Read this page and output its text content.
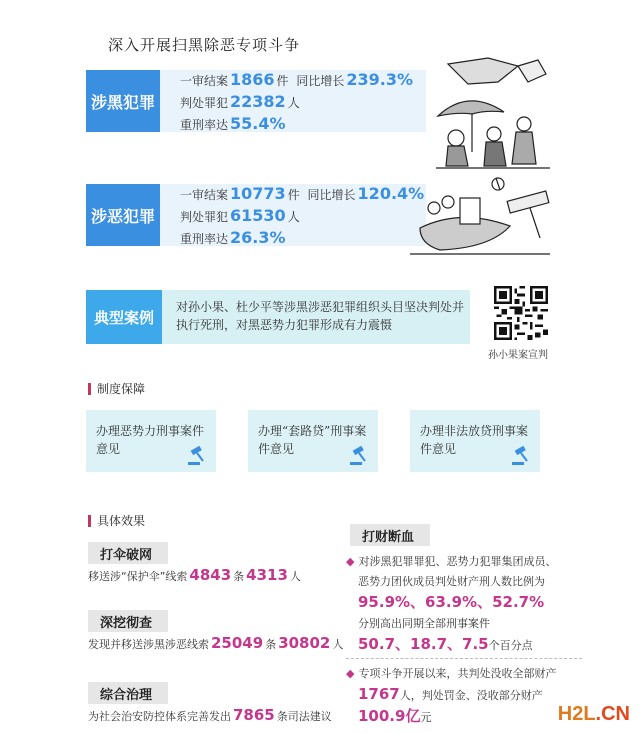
深入开展扫黑除恶专项斗争
涉黑犯罪
一审结案 1866 件 同比增长 239.3%
判处罪犯 22382 人
重刑率达 55.4%
涉恶犯罪
一审结案 10773 件 同比增长 120.4%
判处罪犯 61530 人
重刑率达 26.3%
典型案例
对孙小果、杜少平等涉黑涉恶犯罪组织头目坚决判处并执行死刑，对黑恶势力犯罪形成有力震慑
孙小果案宣判
制度保障
办理恶势力刑事案件意见
办理“套路贷”刑事案件意见
办理非法放贷刑事案件意见
具体效果
打伞破网
移送涉“保护伞”线索 4843 条 4313 人
深挖彻查
发现并移送涉黑涉恶线索 25049 条 30802 人
综合治理
为社会治安防控体系完善发出 7865 条司法建议
打财断血
◆ 对涉黑犯罪罪犯、恶势力犯罪集团成员、
恶势力团伙成员判处财产刑人数比例为
95.9%、63.9%、52.7%
分别高出同期全部刑事案件
50.7、18.7、7.5个百分点
◆ 专项斗争开展以来，共判处没收全部财产
1767人，判处罚金、没收部分财产
100.9亿元	H2L.CN
